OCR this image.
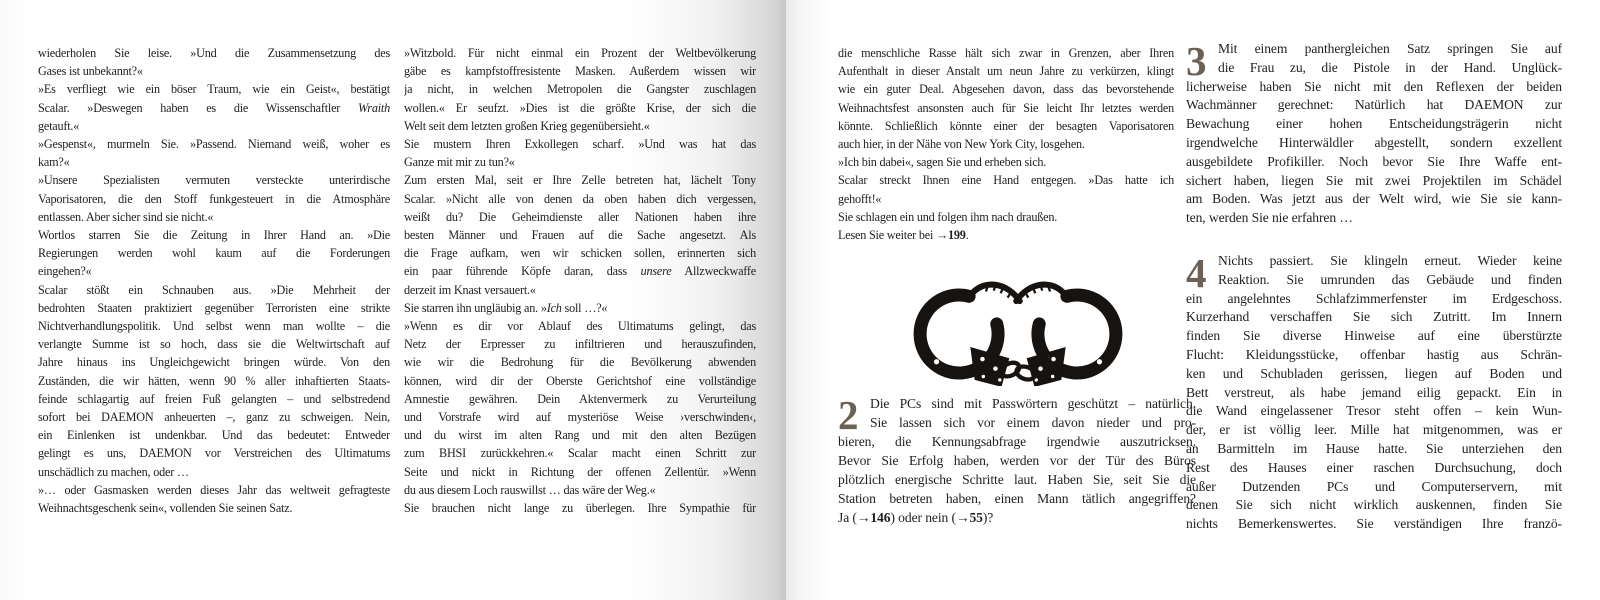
wiederholen Sie leise. »Und die Zusammensetzung des
Gases ist unbekannt?«
»Es verfliegt wie ein böser Traum, wie ein Geist«, bestätigt
Scalar. »Deswegen haben es die Wissenschaftler Wraith
getauft.«
»Gespenst«, murmeln Sie. »Passend. Niemand weiß, woher es
kam?«
»Unsere Spezialisten vermuten versteckte unterirdische
Vaporisatoren, die den Stoff funkgesteuert in die Atmosphäre
entlassen. Aber sicher sind sie nicht.«
Wortlos starren Sie die Zeitung in Ihrer Hand an. »Die
Regierungen werden wohl kaum auf die Forderungen
eingehen?«
Scalar stößt ein Schnauben aus. »Die Mehrheit der
bedrohten Staaten praktiziert gegenüber Terroristen eine strikte
Nichtverhandlungspolitik. Und selbst wenn man wollte – die
verlangte Summe ist so hoch, dass sie die Weltwirtschaft auf
Jahre hinaus ins Ungleichgewicht bringen würde. Von den
Zuständen, die wir hätten, wenn 90 % aller inhaftierten Staats-
feinde schlagartig auf freien Fuß gelangten – und selbstredend
sofort bei DAEMON anheuerten –, ganz zu schweigen. Nein,
ein Einlenken ist undenkbar. Und das bedeutet: Entweder
gelingt es uns, DAEMON vor Verstreichen des Ultimatums
unschädlich zu machen, oder …
»… oder Gasmasken werden dieses Jahr das weltweit gefragteste
Weihnachtsgeschenk sein«, vollenden Sie seinen Satz.
»Witzbold. Für nicht einmal ein Prozent der Weltbevölkerung
gäbe es kampfstoffresistente Masken. Außerdem wissen wir
ja nicht, in welchen Metropolen die Gangster zuschlagen
wollen.« Er seufzt. »Dies ist die größte Krise, der sich die
Welt seit dem letzten großen Krieg gegenübersieht.«
Sie mustern Ihren Exkollegen scharf. »Und was hat das
Ganze mit mir zu tun?«
Zum ersten Mal, seit er Ihre Zelle betreten hat, lächelt Tony
Scalar. »Nicht alle von denen da oben haben dich vergessen,
weißt du? Die Geheimdienste aller Nationen haben ihre
besten Männer und Frauen auf die Sache angesetzt. Als
die Frage aufkam, wen wir schicken sollen, erinnerten sich
ein paar führende Köpfe daran, dass unsere Allzweckwaffe
derzeit im Knast versauert.«
Sie starren ihn ungläubig an. »Ich soll …?«
»Wenn es dir vor Ablauf des Ultimatums gelingt, das
Netz der Erpresser zu infiltrieren und herauszufinden,
wie wir die Bedrohung für die Bevölkerung abwenden
können, wird dir der Oberste Gerichtshof eine vollständige
Amnestie gewähren. Dein Aktenvermerk zu Verurteilung
und Vorstrafe wird auf mysteriöse Weise ›verschwinden‹,
und du wirst im alten Rang und mit den alten Bezügen
zum BHSI zurückkehren.« Scalar macht einen Schritt zur
Seite und nickt in Richtung der offenen Zellentür. »Wenn
du aus diesem Loch rauswillst … das wäre der Weg.«
Sie brauchen nicht lange zu überlegen. Ihre Sympathie für
die menschliche Rasse hält sich zwar in Grenzen, aber Ihren
Aufenthalt in dieser Anstalt um neun Jahre zu verkürzen, klingt
wie ein guter Deal. Abgesehen davon, dass das bevorstehende
Weihnachtsfest ansonsten auch für Sie leicht Ihr letztes werden
könnte. Schließlich könnte einer der besagten Vaporisatoren
auch hier, in der Nähe von New York City, losgehen.
»Ich bin dabei«, sagen Sie und erheben sich.
Scalar streckt Ihnen eine Hand entgegen. »Das hatte ich
gehofft!«
Sie schlagen ein und folgen ihm nach draußen.
Lesen Sie weiter bei →199.
2 Die PCs sind mit Passwörtern geschützt – natürlich.
Sie lassen sich vor einem davon nieder und pro-
bieren, die Kennungsabfrage irgendwie auszutricksen.
Bevor Sie Erfolg haben, werden vor der Tür des Büros
plötzlich energische Schritte laut. Haben Sie, seit Sie die
Station betreten haben, einen Mann tätlich angegriffen?
Ja (→146) oder nein (→55)?
3 Mit einem panthergleichen Satz springen Sie auf
die Frau zu, die Pistole in der Hand. Unglück-
licherweise haben Sie nicht mit den Reflexen der beiden
Wachmänner gerechnet: Natürlich hat DAEMON zur
Bewachung einer hohen Entscheidungsträgerin nicht
irgendwelche Hinterwäldler abgestellt, sondern exzellent
ausgebildete Profikiller. Noch bevor Sie Ihre Waffe ent-
sichert haben, liegen Sie mit zwei Projektilen im Schädel
am Boden. Was jetzt aus der Welt wird, wie Sie sie kann-
ten, werden Sie nie erfahren …
4 Nichts passiert. Sie klingeln erneut. Wieder keine
Reaktion. Sie umrunden das Gebäude und finden
ein angelehntes Schlafzimmerfenster im Erdgeschoss.
Kurzerhand verschaffen Sie sich Zutritt. Im Innern
finden Sie diverse Hinweise auf eine überstürzte
Flucht: Kleidungsstücke, offenbar hastig aus Schrän-
ken und Schubladen gerissen, liegen auf Boden und
Bett verstreut, als habe jemand eilig gepackt. Ein in
die Wand eingelassener Tresor steht offen – kein Wun-
der, er ist völlig leer. Mille hat mitgenommen, was er
an Barmitteln im Hause hatte. Sie unterziehen den
Rest des Hauses einer raschen Durchsuchung, doch
außer Dutzenden PCs und Computerservern, mit
denen Sie sich nicht wirklich auskennen, finden Sie
nichts Bemerkenswertes. Sie verständigen Ihre franzö-
